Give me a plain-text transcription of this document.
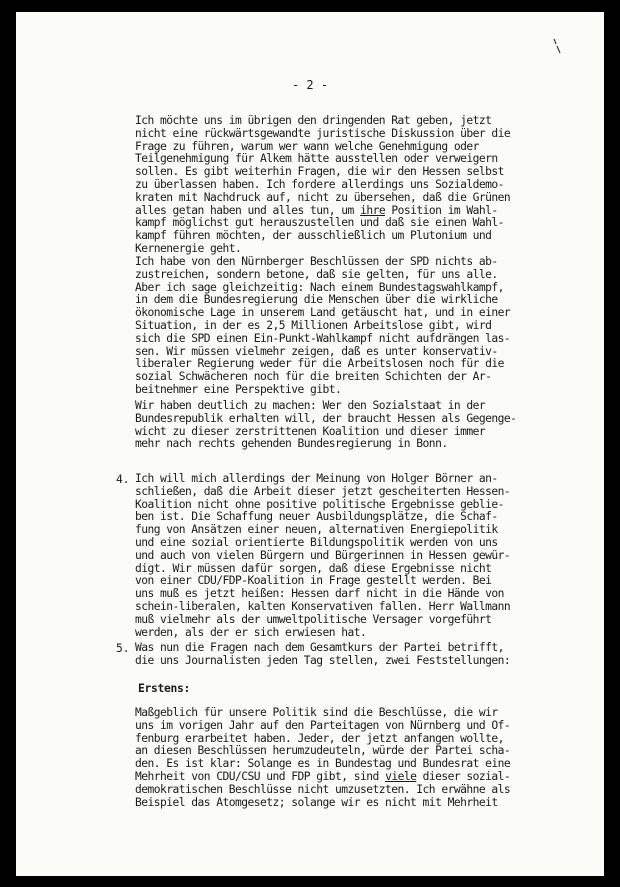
- 2 -
Ich möchte uns im übrigen den dringenden Rat geben, jetzt
nicht eine rückwärtsgewandte juristische Diskussion über die
Frage zu führen, warum wer wann welche Genehmigung oder
Teilgenehmigung für Alkem hätte ausstellen oder verweigern
sollen. Es gibt weiterhin Fragen, die wir den Hessen selbst
zu überlassen haben. Ich fordere allerdings uns Sozialdemo-
kraten mit Nachdruck auf, nicht zu übersehen, daß die Grünen
alles getan haben und alles tun, um ihre Position im Wahl-
kampf möglichst gut herauszustellen und daß sie einen Wahl-
kampf führen möchten, der ausschließlich um Plutonium und
Kernenergie geht.
Ich habe von den Nürnberger Beschlüssen der SPD nichts ab-
zustreichen, sondern betone, daß sie gelten, für uns alle.
Aber ich sage gleichzeitig: Nach einem Bundestagswahlkampf,
in dem die Bundesregierung die Menschen über die wirkliche
ökonomische Lage in unserem Land getäuscht hat, und in einer
Situation, in der es 2,5 Millionen Arbeitslose gibt, wird
sich die SPD einen Ein-Punkt-Wahlkampf nicht aufdrängen las-
sen. Wir müssen vielmehr zeigen, daß es unter konservativ-
liberaler Regierung weder für die Arbeitslosen noch für die
sozial Schwächeren noch für die breiten Schichten der Ar-
beitnehmer eine Perspektive gibt.
Wir haben deutlich zu machen: Wer den Sozialstaat in der
Bundesrepublik erhalten will, der braucht Hessen als Gegenge-
wicht zu dieser zerstrittenen Koalition und dieser immer
mehr nach rechts gehenden Bundesregierung in Bonn.
4. Ich will mich allerdings der Meinung von Holger Börner an-
schließen, daß die Arbeit dieser jetzt gescheiterten Hessen-
Koalition nicht ohne positive politische Ergebnisse geblie-
ben ist. Die Schaffung neuer Ausbildungsplätze, die Schaf-
fung von Ansätzen einer neuen, alternativen Energiepolitik
und eine sozial orientierte Bildungspolitik werden von uns
und auch von vielen Bürgern und Bürgerinnen in Hessen gewür-
digt. Wir müssen dafür sorgen, daß diese Ergebnisse nicht
von einer CDU/FDP-Koalition in Frage gestellt werden. Bei
uns muß es jetzt heißen: Hessen darf nicht in die Hände von
schein-liberalen, kalten Konservativen fallen. Herr Wallmann
muß vielmehr als der umweltpolitische Versager vorgeführt
werden, als der er sich erwiesen hat.
5. Was nun die Fragen nach dem Gesamtkurs der Partei betrifft,
die uns Journalisten jeden Tag stellen, zwei Feststellungen:
Erstens:
Maßgeblich für unsere Politik sind die Beschlüsse, die wir
uns im vorigen Jahr auf den Parteitagen von Nürnberg und Of-
fenburg erarbeitet haben. Jeder, der jetzt anfangen wollte,
an diesen Beschlüssen herumzudeuteln, würde der Partei scha-
den. Es ist klar: Solange es in Bundestag und Bundesrat eine
Mehrheit von CDU/CSU und FDP gibt, sind viele dieser sozial-
demokratischen Beschlüsse nicht umzusetzten. Ich erwähne als
Beispiel das Atomgesetz; solange wir es nicht mit Mehrheit
